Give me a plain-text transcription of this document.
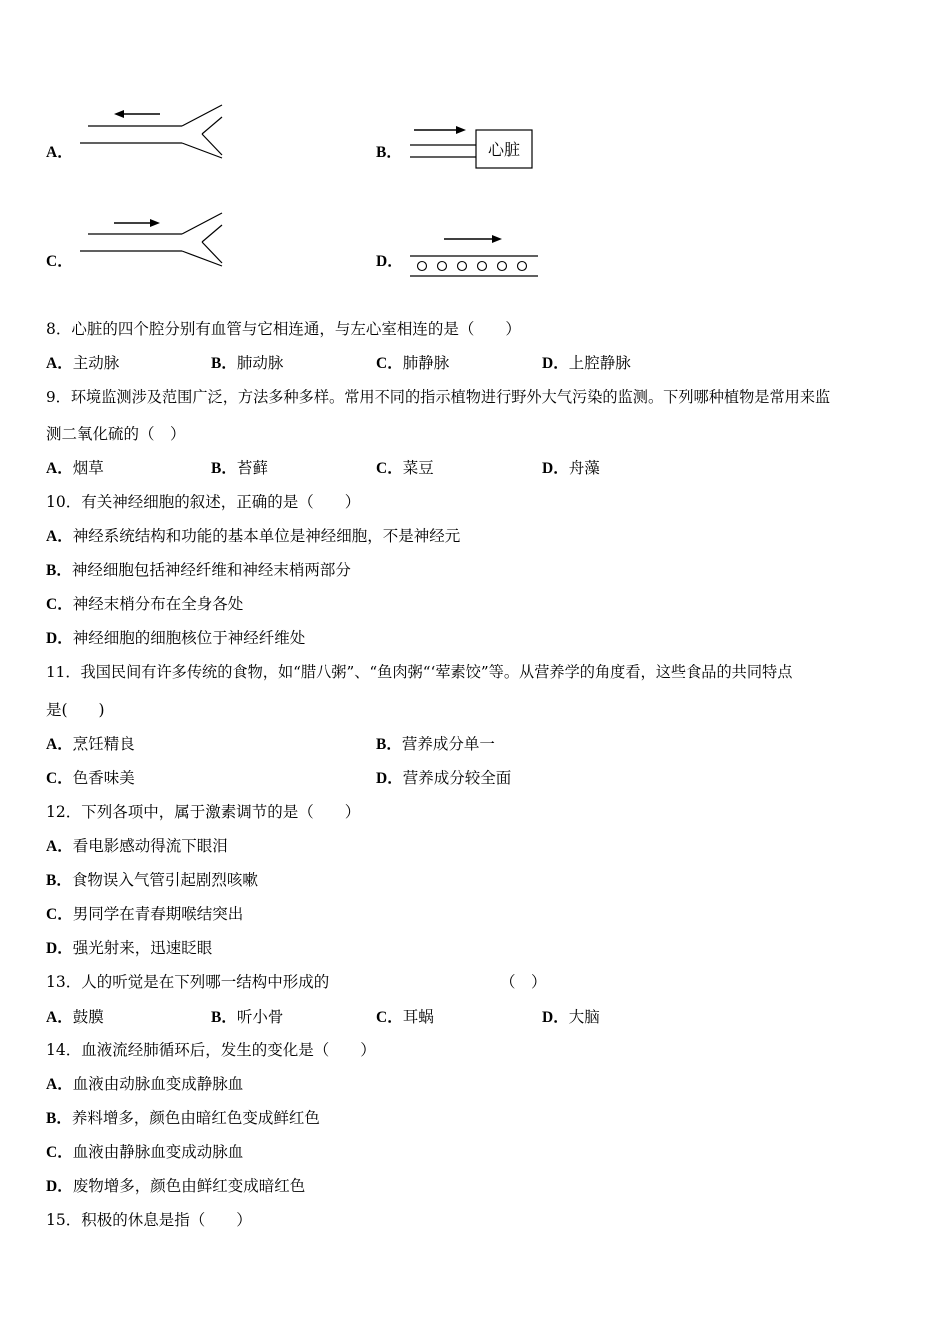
A．	B．	心脏
C．	D．
8．心脏的四个腔分别有血管与它相连通，与左心室相连的是（　　）
A．主动脉	B．肺动脉	C．肺静脉	D．上腔静脉
9．环境监测涉及范围广泛，方法多种多样。常用不同的指示植物进行野外大气污染的监测。下列哪种植物是常用来监
测二氧化硫的（　）
A．烟草	B．苔藓	C．菜豆	D．舟藻
10．有关神经细胞的叙述，正确的是（　　）
A．神经系统结构和功能的基本单位是神经细胞，不是神经元
B．神经细胞包括神经纤维和神经末梢两部分
C．神经末梢分布在全身各处
D．神经细胞的细胞核位于神经纤维处
11．我国民间有许多传统的食物，如“腊八粥”、“鱼肉粥“‘荤素饺”等。从营养学的角度看，这些食品的共同特点
是(　　)
A．烹饪精良	B．营养成分单一
C．色香味美	D．营养成分较全面
12．下列各项中，属于激素调节的是（　　）
A．看电影感动得流下眼泪
B．食物误入气管引起剧烈咳嗽
C．男同学在青春期喉结突出
D．强光射来，迅速眨眼
13．人的听觉是在下列哪一结构中形成的	（　）
A．鼓膜	B．听小骨	C．耳蜗	D．大脑
14．血液流经肺循环后，发生的变化是（　　）
A．血液由动脉血变成静脉血
B．养料增多，颜色由暗红色变成鲜红色
C．血液由静脉血变成动脉血
D．废物增多，颜色由鲜红变成暗红色
15．积极的休息是指（　　）
